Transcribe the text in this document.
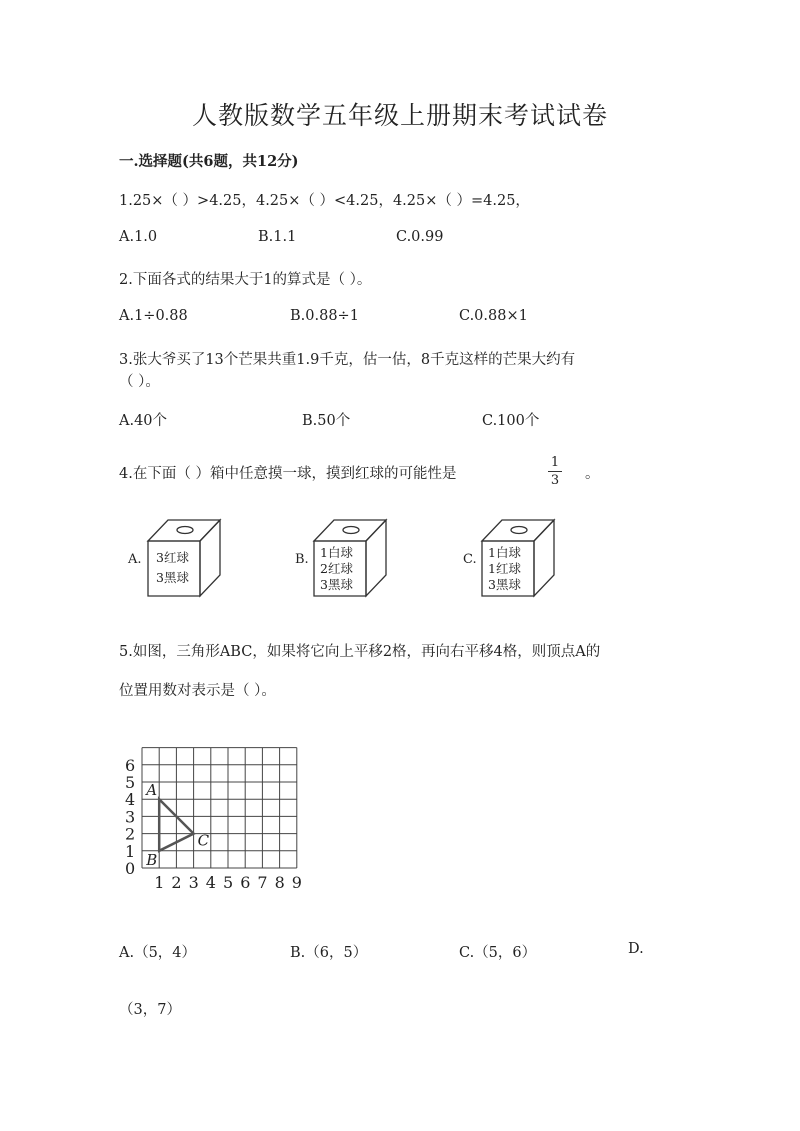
人教版数学五年级上册期末考试试卷
一.选择题(共6题，共12分)
1.25×（ ）>4.25，4.25×（ ）<4.25，4.25×（ ）=4.25，
A.1.0	B.1.1	C.0.99
2.下面各式的结果大于1的算式是（ ）。
A.1÷0.88	B.0.88÷1	C.0.88×1
3.张大爷买了13个芒果共重1.9千克，估一估，8千克这样的芒果大约有
（ ）。
A.40个	B.50个	C.100个
4.在下面（ ）箱中任意摸一球，摸到红球的可能性是
1
3 。
A. 3红球
3黑球
B. 1白球
2红球
3黑球
C. 1白球
1红球
3黑球
1 2 3 4 5 6 7 8 9
0
1
2
3
4
5
6
A
B
C
5.如图，三角形ABC，如果将它向上平移2格，再向右平移4格，则顶点A的
位置用数对表示是（ ）。
A.（5，4）	B.（6，5）	C.（5，6）	D.
（3，7）
